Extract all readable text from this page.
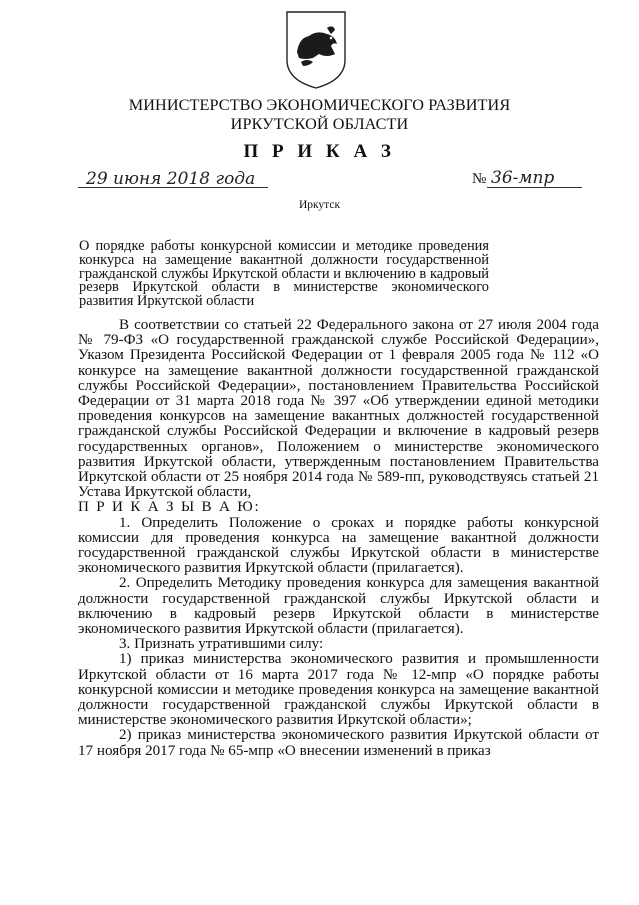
МИНИСТЕРСТВО ЭКОНОМИЧЕСКОГО РАЗВИТИЯ
ИРКУТСКОЙ ОБЛАСТИ
П Р И К А З
29 июня 2018 года	№ 36-мпр
Иркутск
О порядке работы конкурсной комиссии и методике проведения конкурса на замещение вакантной должности государственной гражданской службы Иркутской области и включению в кадровый резерв Иркутской области в министерстве экономического развития Иркутской области

В соответствии со статьей 22 Федерального закона от 27 июля 2004 года № 79-ФЗ «О государственной гражданской службе Российской Федерации», Указом Президента Российской Федерации от 1 февраля 2005 года № 112 «О конкурсе на замещение вакантной должности государственной гражданской службы Российской Федерации», постановлением Правительства Российской Федерации от 31 марта 2018 года № 397 «Об утверждении единой методики проведения конкурсов на замещение вакантных должностей государственной гражданской службы Российской Федерации и включение в кадровый резерв государственных органов», Положением о министерстве экономического развития Иркутской области, утвержденным постановлением Правительства Иркутской области от 25 ноября 2014 года № 589-пп, руководствуясь статьей 21 Устава Иркутской области,

П Р И К А З Ы В А Ю:

1. Определить Положение о сроках и порядке работы конкурсной комиссии для проведения конкурса на замещение вакантной должности государственной гражданской службы Иркутской области в министерстве экономического развития Иркутской области (прилагается).

2. Определить Методику проведения конкурса для замещения вакантной должности государственной гражданской службы Иркутской области и включению в кадровый резерв Иркутской области в министерстве экономического развития Иркутской области (прилагается).

3. Признать утратившими силу:

1) приказ министерства экономического развития и промышленности Иркутской области от 16 марта 2017 года № 12-мпр «О порядке работы конкурсной комиссии и методике проведения конкурса на замещение вакантной должности государственной гражданской службы Иркутской области в министерстве экономического развития Иркутской области»;

2) приказ министерства экономического развития Иркутской области от 17 ноября 2017 года № 65-мпр «О внесении изменений в приказ
